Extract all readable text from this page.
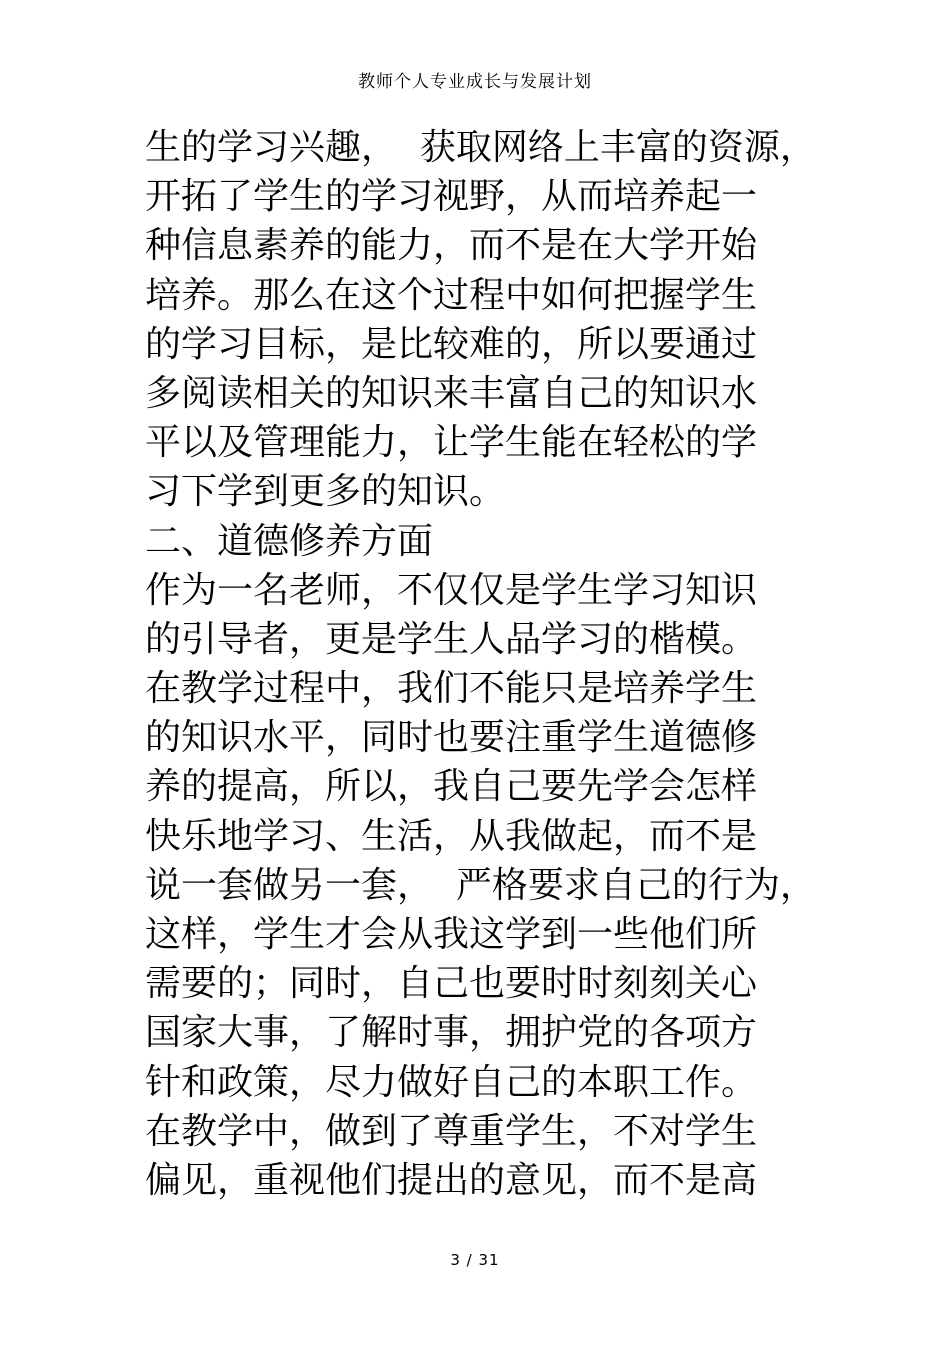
教师个人专业成长与发展计划
生的学习兴趣，  获取网络上丰富的资源，
开拓了学生的学习视野，从而培养起一
种信息素养的能力，而不是在大学开始
培养。那么在这个过程中如何把握学生
的学习目标，是比较难的，所以要通过
多阅读相关的知识来丰富自己的知识水
平以及管理能力，让学生能在轻松的学
习下学到更多的知识。
二、道德修养方面
作为一名老师，不仅仅是学生学习知识
的引导者，更是学生人品学习的楷模。
在教学过程中，我们不能只是培养学生
的知识水平，同时也要注重学生道德修
养的提高，所以，我自己要先学会怎样
快乐地学习、生活，从我做起，而不是
说一套做另一套，  严格要求自己的行为，
这样，学生才会从我这学到一些他们所
需要的；同时，自己也要时时刻刻关心
国家大事，了解时事，拥护党的各项方
针和政策，尽力做好自己的本职工作。
在教学中，做到了尊重学生，不对学生
偏见，重视他们提出的意见，而不是高
3 / 31
